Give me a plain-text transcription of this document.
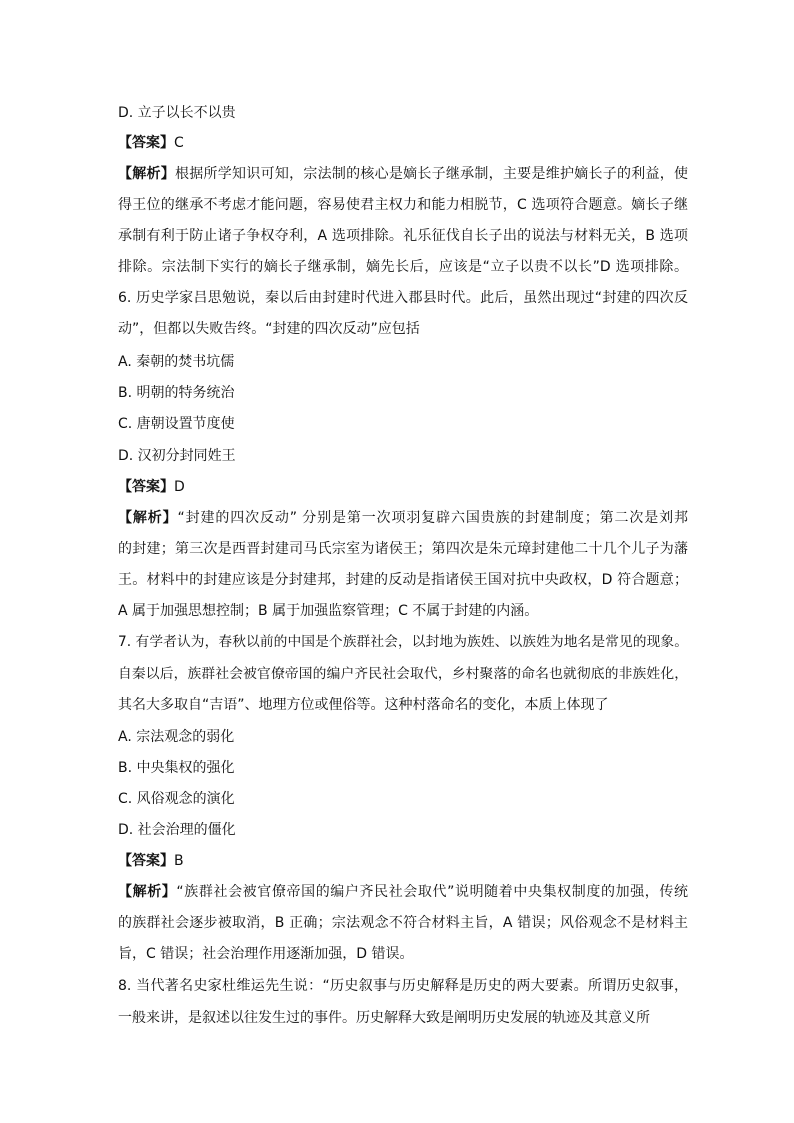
D. 立子以长不以贵
【答案】C
【解析】根据所学知识可知，宗法制的核心是嫡长子继承制，主要是维护嫡长子的利益，使
得王位的继承不考虑才能问题，容易使君主权力和能力相脱节，C 选项符合题意。嫡长子继
承制有利于防止诸子争权夺利，A 选项排除。礼乐征伐自长子出的说法与材料无关，B 选项
排除。宗法制下实行的嫡长子继承制，嫡先长后，应该是“立子以贵不以长”D 选项排除。
6. 历史学家吕思勉说，秦以后由封建时代进入郡县时代。此后，虽然出现过“封建的四次反
动”，但都以失败告终。“封建的四次反动”应包括
A. 秦朝的焚书坑儒
B. 明朝的特务统治
C. 唐朝设置节度使
D. 汉初分封同姓王
【答案】D
【解析】“封建的四次反动” 分别是第一次项羽复辟六国贵族的封建制度；第二次是刘邦
的封建；第三次是西晋封建司马氏宗室为诸侯王；第四次是朱元璋封建他二十几个儿子为藩
王。材料中的封建应该是分封建邦，封建的反动是指诸侯王国对抗中央政权，D 符合题意；
A 属于加强思想控制；B 属于加强监察管理；C 不属于封建的内涵。
7. 有学者认为，春秋以前的中国是个族群社会，以封地为族姓、以族姓为地名是常见的现象。
自秦以后，族群社会被官僚帝国的编户齐民社会取代，乡村聚落的命名也就彻底的非族姓化，
其名大多取自“吉语”、地理方位或俚俗等。这种村落命名的变化，本质上体现了
A. 宗法观念的弱化
B. 中央集权的强化
C. 风俗观念的演化
D. 社会治理的僵化
【答案】B
【解析】“族群社会被官僚帝国的编户齐民社会取代”说明随着中央集权制度的加强，传统
的族群社会逐步被取消，B 正确；宗法观念不符合材料主旨，A 错误；风俗观念不是材料主
旨，C 错误；社会治理作用逐渐加强，D 错误。
8. 当代著名史家杜维运先生说：“历史叙事与历史解释是历史的两大要素。所谓历史叙事，
一般来讲，是叙述以往发生过的事件。历史解释大致是阐明历史发展的轨迹及其意义所
